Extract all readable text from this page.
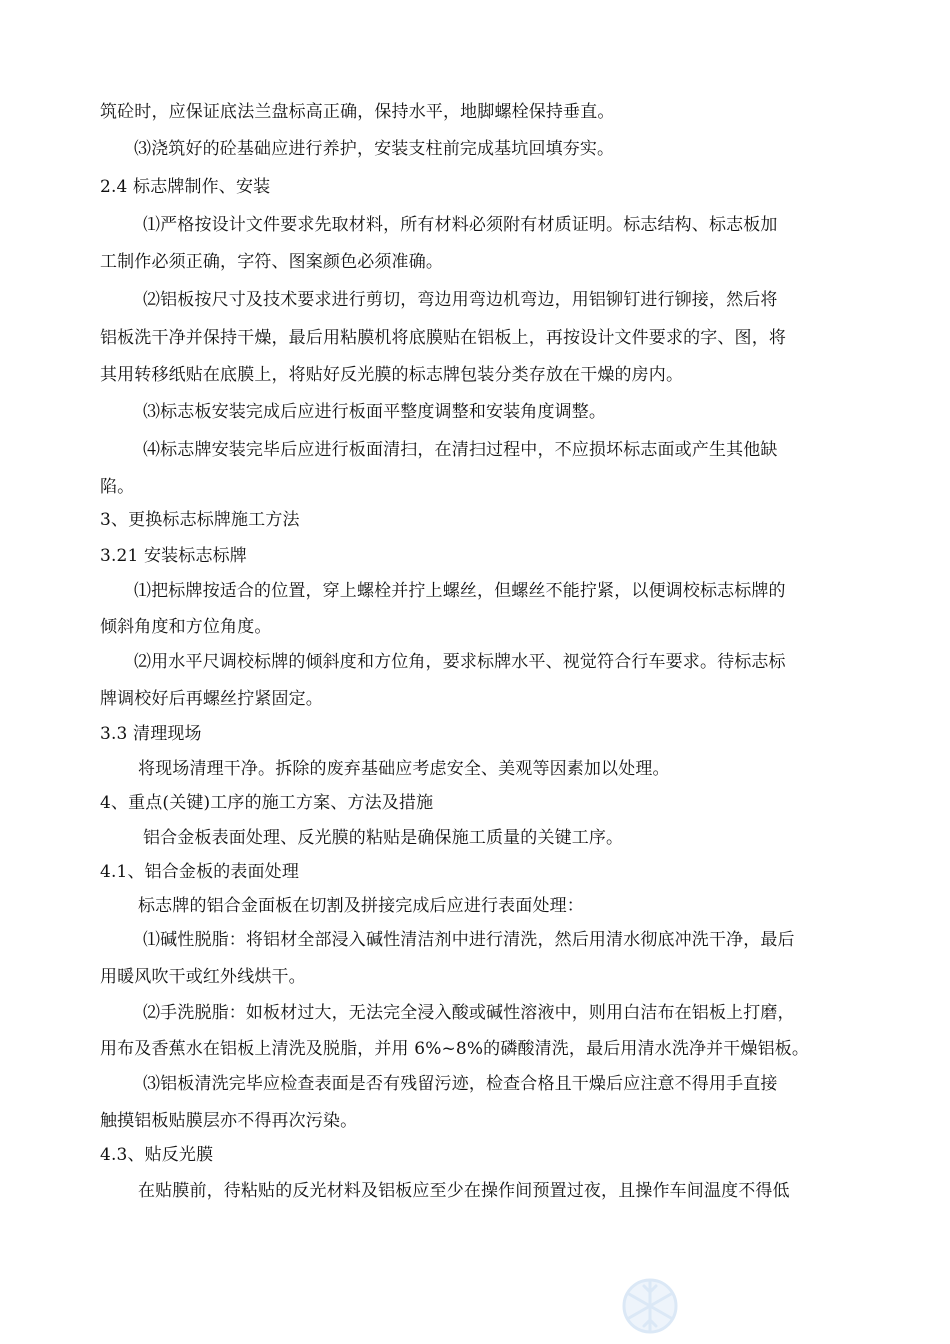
筑砼时，应保证底法兰盘标高正确，保持水平，地脚螺栓保持垂直。
⑶浇筑好的砼基础应进行养护，安装支柱前完成基坑回填夯实。
2.4 标志牌制作、安装
⑴严格按设计文件要求先取材料，所有材料必须附有材质证明。标志结构、标志板加
工制作必须正确，字符、图案颜色必须准确。
⑵铝板按尺寸及技术要求进行剪切，弯边用弯边机弯边，用铝铆钉进行铆接，然后将
铝板洗干净并保持干燥，最后用粘膜机将底膜贴在铝板上，再按设计文件要求的字、图，将
其用转移纸贴在底膜上，将贴好反光膜的标志牌包装分类存放在干燥的房内。
⑶标志板安装完成后应进行板面平整度调整和安装角度调整。
⑷标志牌安装完毕后应进行板面清扫，在清扫过程中，不应损坏标志面或产生其他缺
陷。
3、更换标志标牌施工方法
3.21 安装标志标牌
⑴把标牌按适合的位置，穿上螺栓并拧上螺丝，但螺丝不能拧紧，以便调校标志标牌的
倾斜角度和方位角度。
⑵用水平尺调校标牌的倾斜度和方位角，要求标牌水平、视觉符合行车要求。待标志标
牌调校好后再螺丝拧紧固定。
3.3 清理现场
将现场清理干净。拆除的废弃基础应考虑安全、美观等因素加以处理。
4、重点(关键)工序的施工方案、方法及措施
铝合金板表面处理、反光膜的粘贴是确保施工质量的关键工序。
4.1、铝合金板的表面处理
标志牌的铝合金面板在切割及拼接完成后应进行表面处理：
⑴碱性脱脂：将铝材全部浸入碱性清洁剂中进行清洗，然后用清水彻底冲洗干净，最后
用暖风吹干或红外线烘干。
⑵手洗脱脂：如板材过大，无法完全浸入酸或碱性溶液中，则用白洁布在铝板上打磨，
用布及香蕉水在铝板上清洗及脱脂，并用 6%~8%的磷酸清洗，最后用清水洗净并干燥铝板。
⑶铝板清洗完毕应检查表面是否有残留污迹，检查合格且干燥后应注意不得用手直接
触摸铝板贴膜层亦不得再次污染。
4.3、贴反光膜
在贴膜前，待粘贴的反光材料及铝板应至少在操作间预置过夜，且操作车间温度不得低
